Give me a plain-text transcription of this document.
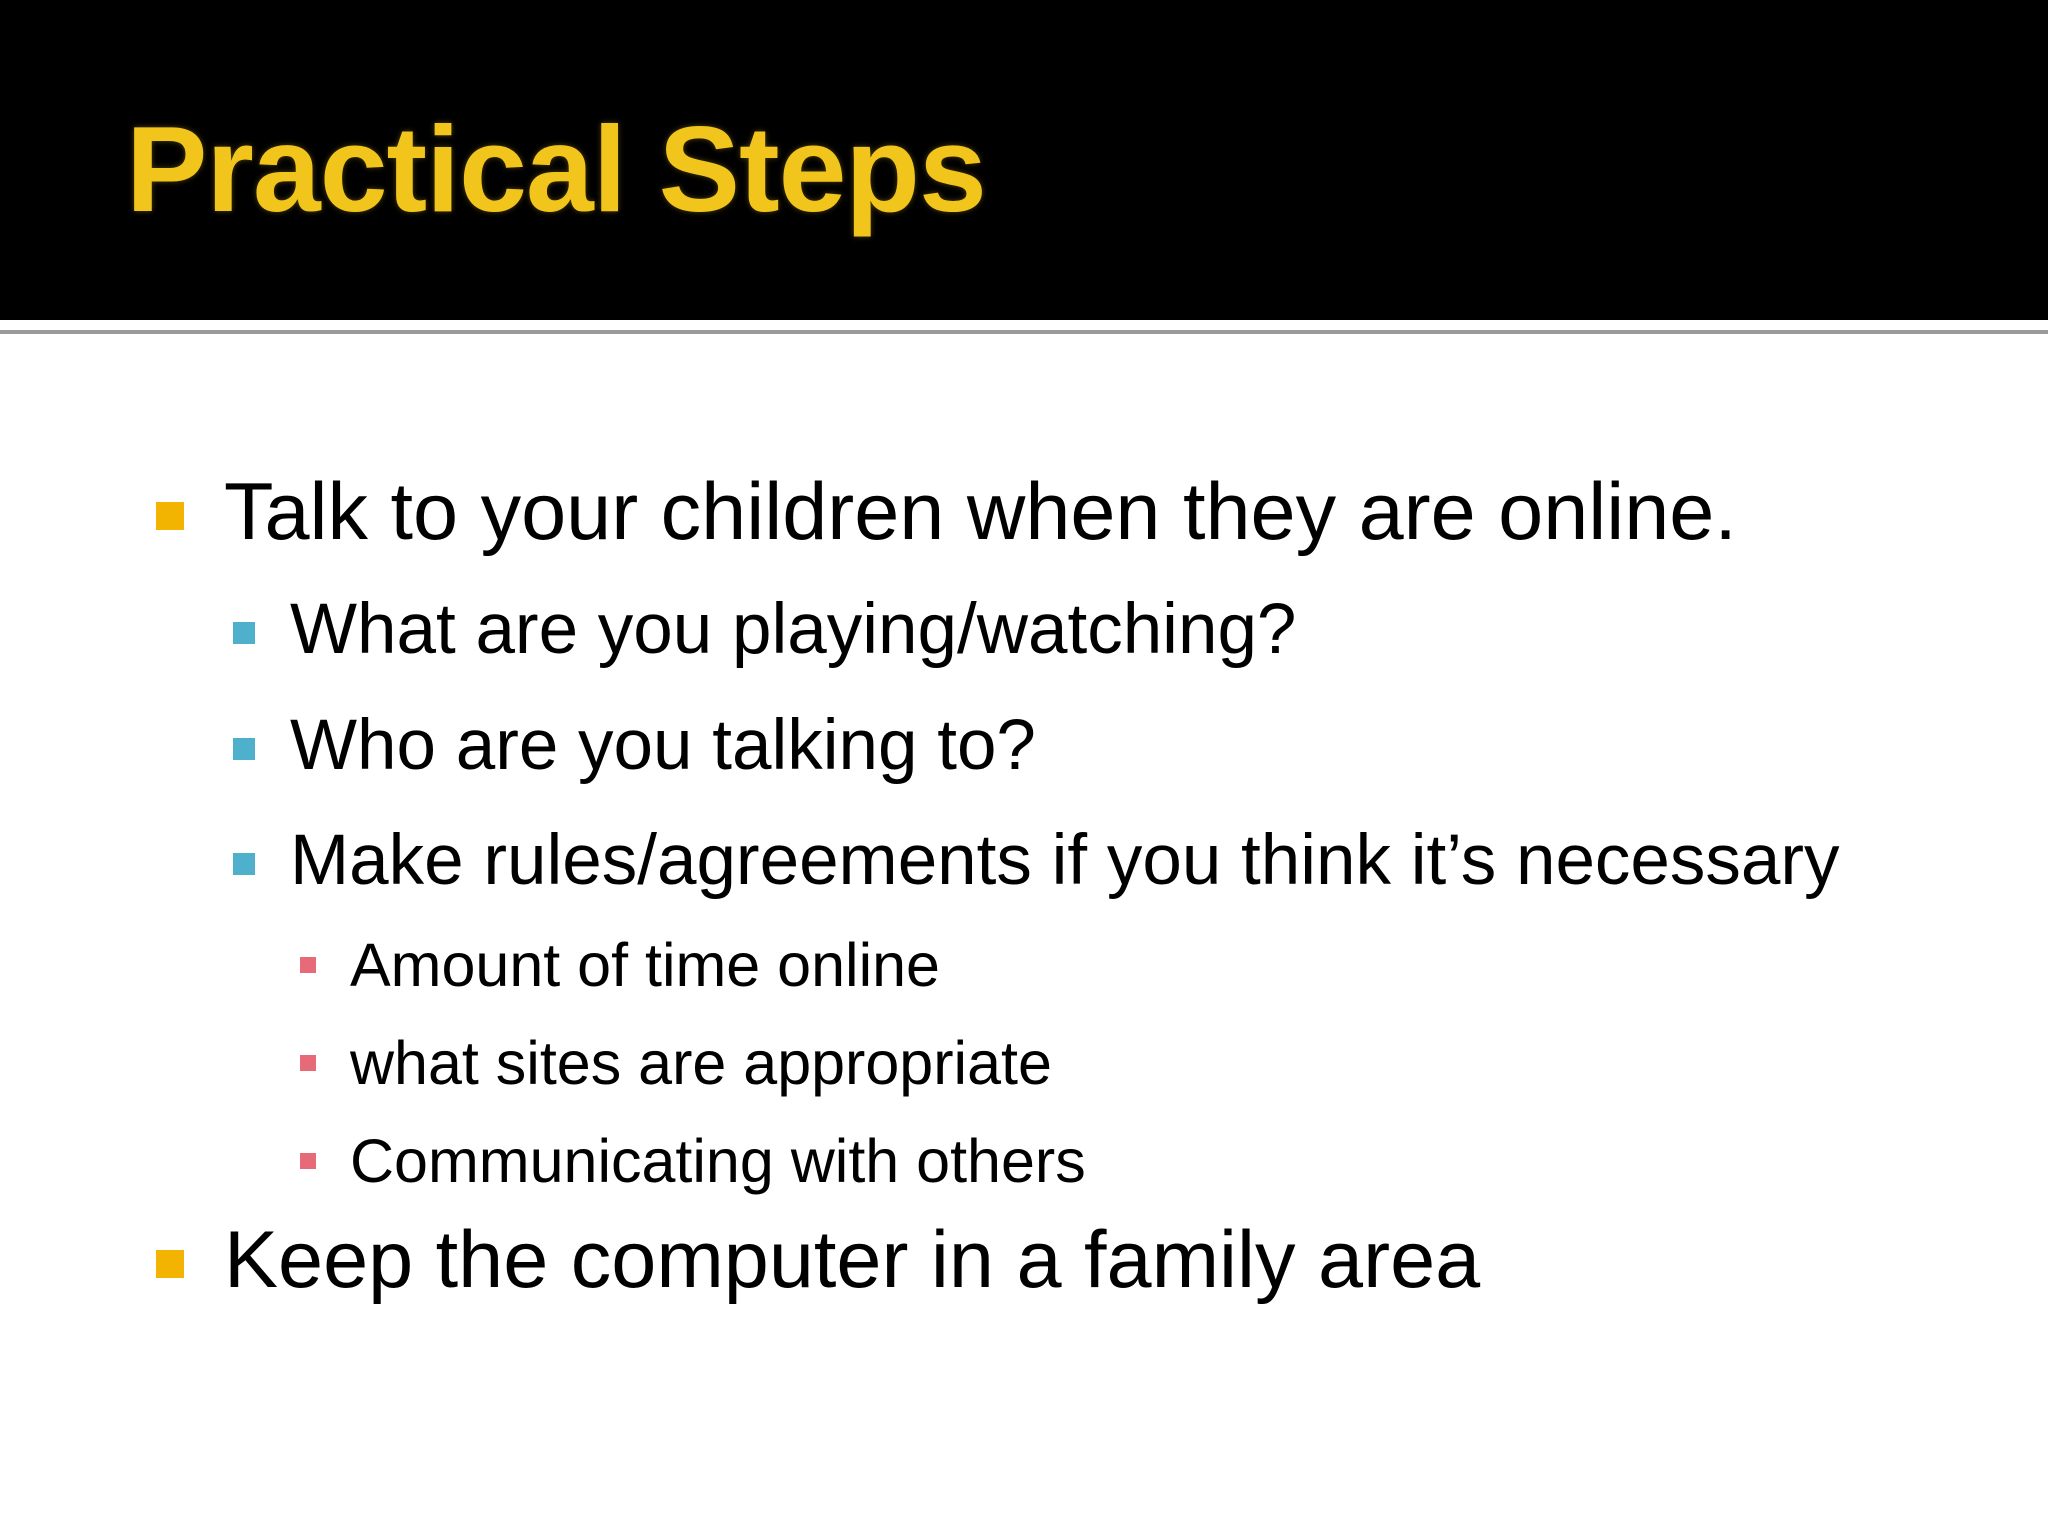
Practical Steps
Talk to your children when they are online.
What are you playing/watching?
Who are you talking to?
Make rules/agreements if you think it’s necessary
Amount of time online
what sites are appropriate
Communicating with others
Keep the computer in a family area
